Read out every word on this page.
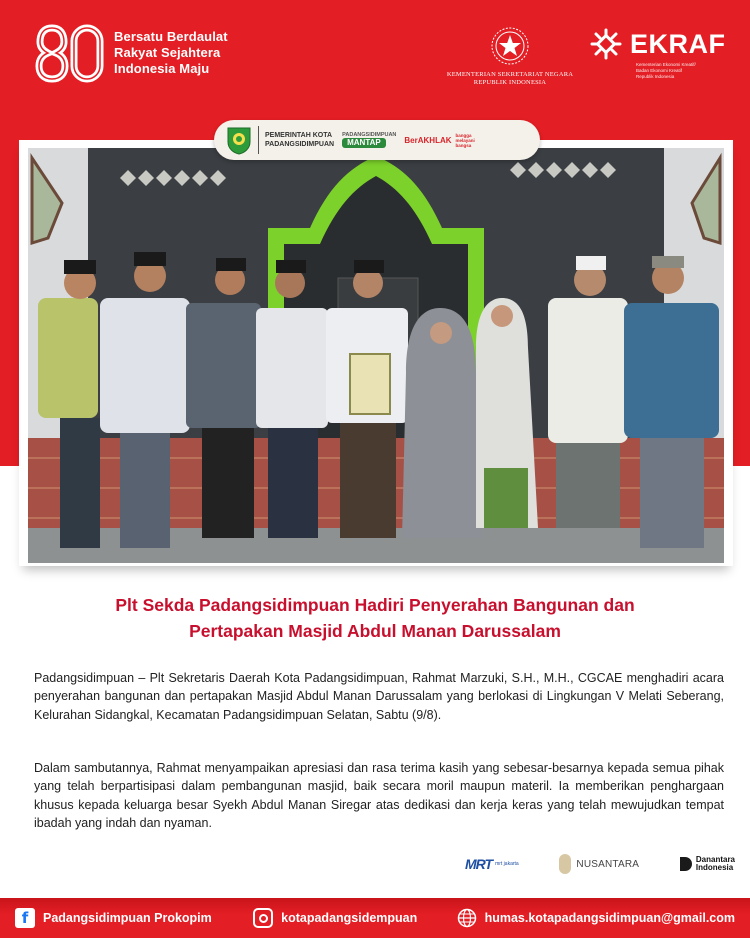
Bersatu Berdaulat
Rakyat Sejahtera
Indonesia Maju	KEMENTERIAN SEKRETARIAT NEGARA
REPUBLIK INDONESIA
EKRAF
Kementerian Ekonomi Kreatif/
Badan Ekonomi Kreatif
Republik Indonesia
PEMERINTAH KOTA
PADANGSIDIMPUAN
PADANGSIDIMPUAN
MANTAP	BerAKHLAK
bangga
melayani
bangsa
Plt Sekda Padangsidimpuan Hadiri Penyerahan Bangunan dan
Pertapakan Masjid Abdul Manan Darussalam

Padangsidimpuan – Plt Sekretaris Daerah Kota Padangsidimpuan, Rahmat Marzuki, S.H., M.H., CGCAE menghadiri acara penyerahan bangunan dan pertapakan Masjid Abdul Manan Darussalam yang berlokasi di Lingkungan V Melati Seberang, Kelurahan Sidangkal, Kecamatan Padangsidimpuan Selatan, Sabtu (9/8).

Dalam sambutannya, Rahmat menyampaikan apresiasi dan rasa terima kasih yang sebesar-besarnya kepada semua pihak yang telah berpartisipasi dalam pembangunan masjid, baik secara moril maupun materil. Ia memberikan penghargaan khusus kepada keluarga besar Syekh Abdul Manan Siregar atas dedikasi dan kerja keras yang telah mewujudkan tempat ibadah yang indah dan nyaman.

MRT mrt jakarta	NUSANTARA	Danantara
Indonesia
f	Padangsidimpuan Prokopim	kotapadangsidempuan	humas.kotapadangsidimpuan@gmail.com
